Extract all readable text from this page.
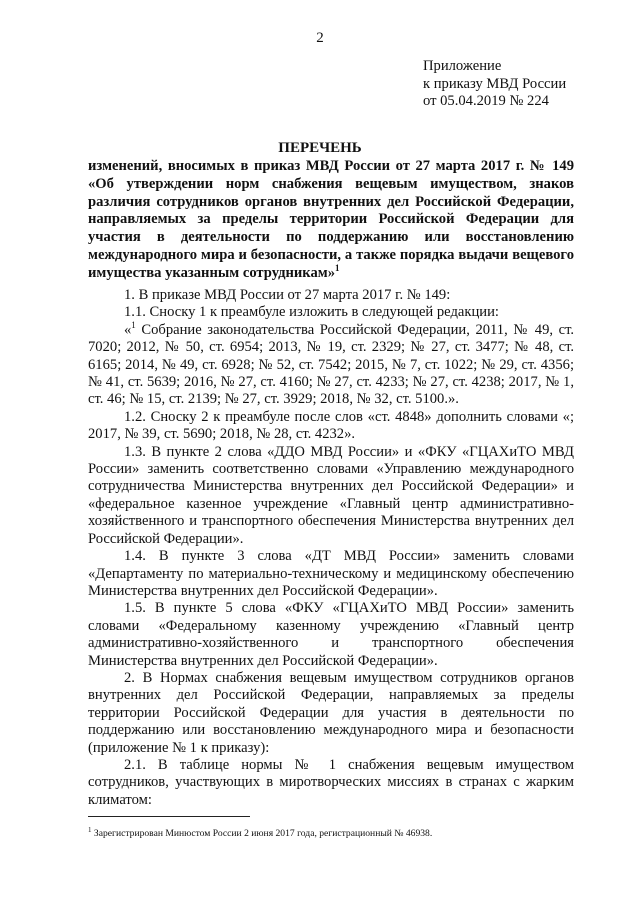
2
Приложение
к приказу МВД России
от 05.04.2019 № 224
ПЕРЕЧЕНЬ
изменений, вносимых в приказ МВД России от 27 марта 2017 г. № 149 «Об утверждении норм снабжения вещевым имуществом, знаков различия сотрудников органов внутренних дел Российской Федерации, направляемых за пределы территории Российской Федерации для участия в деятельности по поддержанию или восстановлению международного мира и безопасности, а также порядка выдачи вещевого имущества указанным сотрудникам»$^1$

1. В приказе МВД России от 27 марта 2017 г. № 149:

1.1. Сноску 1 к преамбуле изложить в следующей редакции:

«$^1$ Собрание законодательства Российской Федерации, 2011, № 49, ст. 7020; 2012, № 50, ст. 6954; 2013, № 19, ст. 2329; № 27, ст. 3477; № 48, ст. 6165; 2014, № 49, ст. 6928; № 52, ст. 7542; 2015, № 7, ст. 1022; № 29, ст. 4356; № 41, ст. 5639; 2016, № 27, ст. 4160; № 27, ст. 4233; № 27, ст. 4238; 2017, № 1, ст. 46; № 15, ст. 2139; № 27, ст. 3929; 2018, № 32, ст. 5100.».

1.2. Сноску 2 к преамбуле после слов «ст. 4848» дополнить словами «; 2017, № 39, ст. 5690; 2018, № 28, ст. 4232».

1.3. В пункте 2 слова «ДДО МВД России» и «ФКУ «ГЦАХиТО МВД России» заменить соответственно словами «Управлению международного сотрудничества Министерства внутренних дел Российской Федерации» и «федеральное казенное учреждение «Главный центр административно-хозяйственного и транспортного обеспечения Министерства внутренних дел Российской Федерации».

1.4. В пункте 3 слова «ДТ МВД России» заменить словами «Департаменту по материально-техническому и медицинскому обеспечению Министерства внутренних дел Российской Федерации».

1.5. В пункте 5 слова «ФКУ «ГЦАХиТО МВД России» заменить словами «Федеральному казенному учреждению «Главный центр административно-хозяйственного и транспортного обеспечения Министерства внутренних дел Российской Федерации».

2. В Нормах снабжения вещевым имуществом сотрудников органов внутренних дел Российской Федерации, направляемых за пределы территории Российской Федерации для участия в деятельности по поддержанию или восстановлению международного мира и безопасности (приложение № 1 к приказу):

2.1. В таблице нормы № 1 снабжения вещевым имуществом сотрудников, участвующих в миротворческих миссиях в странах с жарким климатом:

$^1$ Зарегистрирован Минюстом России 2 июня 2017 года, регистрационный № 46938.
